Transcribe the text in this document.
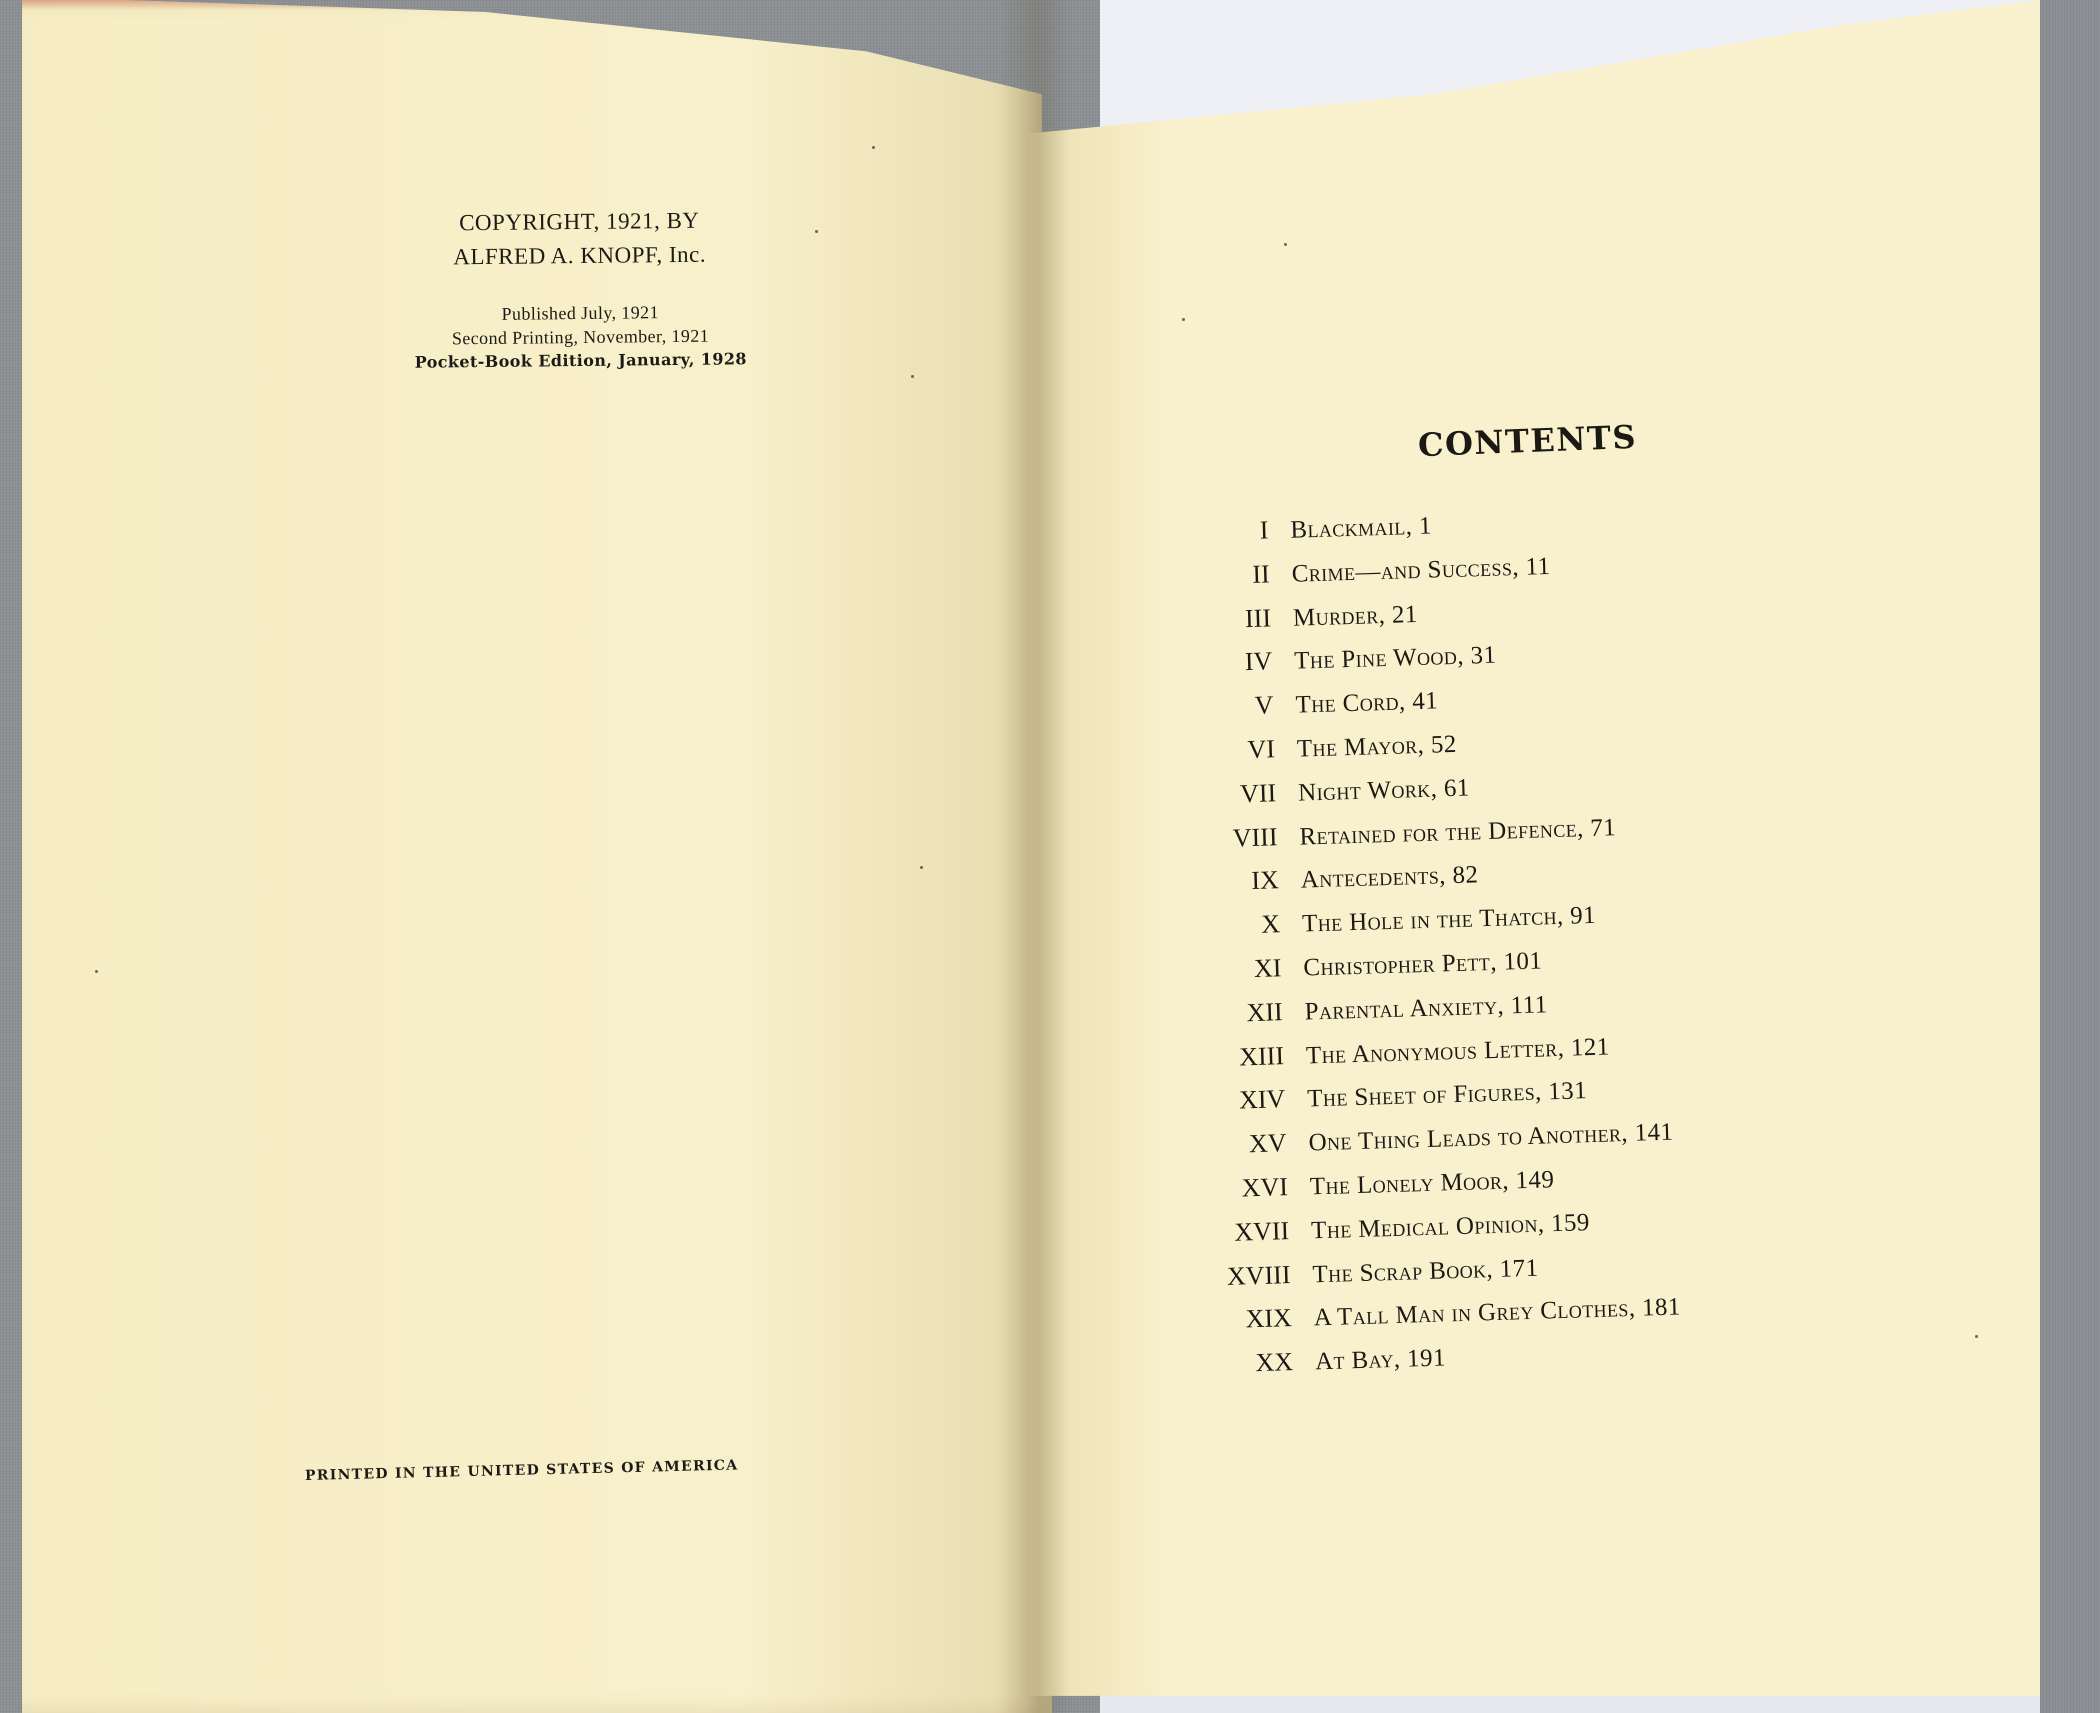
COPYRIGHT, 1921, BY
ALFRED A. KNOPF, Inc.
Published July, 1921
Second Printing, November, 1921
Pocket-Book Edition, January, 1928
PRINTED IN THE UNITED STATES OF AMERICA
CONTENTS
I Blackmail, 1
II Crime—and Success, 11
III Murder, 21
IV The Pine Wood, 31
V The Cord, 41
VI The Mayor, 52
VII Night Work, 61
VIII Retained for the Defence, 71
IX Antecedents, 82
X The Hole in the Thatch, 91
XI Christopher Pett, 101
XII Parental Anxiety, 111
XIII The Anonymous Letter, 121
XIV The Sheet of Figures, 131
XV One Thing Leads to Another, 141
XVI The Lonely Moor, 149
XVII The Medical Opinion, 159
XVIII The Scrap Book, 171
XIX A Tall Man in Grey Clothes, 181
XX At Bay, 191
